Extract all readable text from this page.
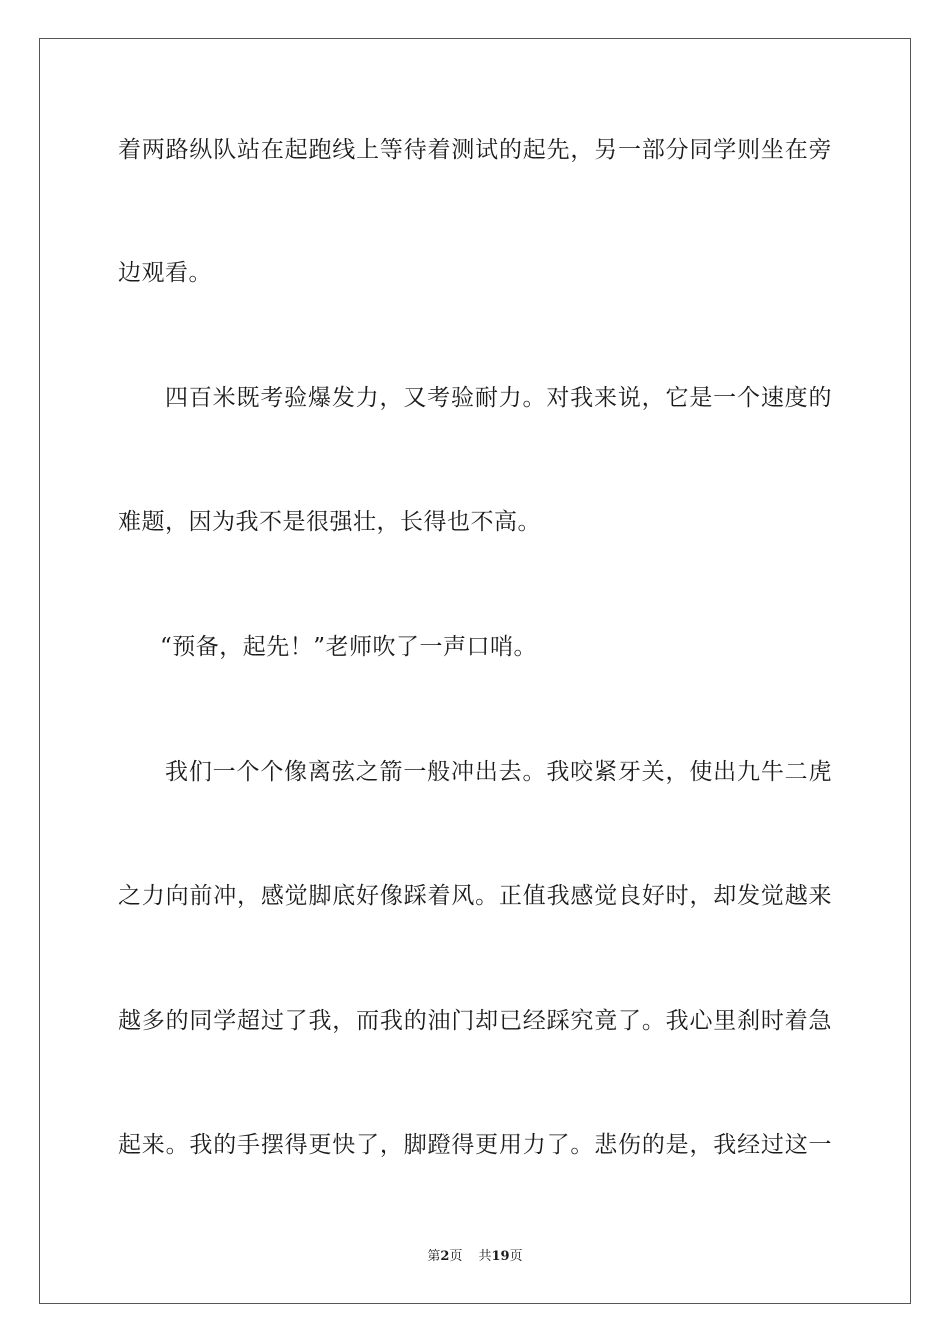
着两路纵队站在起跑线上等待着测试的起先，另一部分同学则坐在旁
边观看。
四百米既考验爆发力，又考验耐力。对我来说，它是一个速度的
难题，因为我不是很强壮，长得也不高。
“预备，起先！”老师吹了一声口哨。
我们一个个像离弦之箭一般冲出去。我咬紧牙关，使出九牛二虎
之力向前冲，感觉脚底好像踩着风。正值我感觉良好时，却发觉越来
越多的同学超过了我，而我的油门却已经踩究竟了。我心里刹时着急
起来。我的手摆得更快了，脚蹬得更用力了。悲伤的是，我经过这一
第2页 共19页
